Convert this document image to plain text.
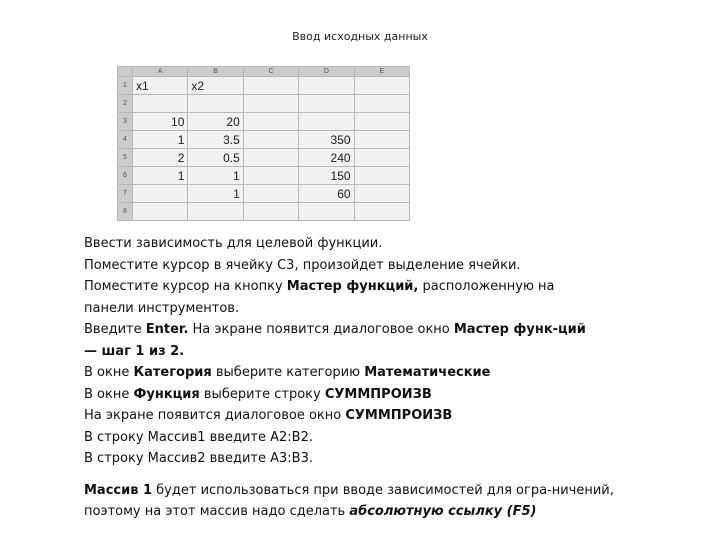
Ввод исходных данных
	A	B	C	D	E
1	x1	x2			
2					
3	10	20			
4	1	3.5		350	
5	2	0.5		240	
6	1	1		150	
7		1		60	
8					

Ввести зависимость для целевой функции.

Поместите курсор в ячейку С3, произойдет выделение ячейки.

Поместите курсор на кнопку Мастер функций, расположенную на

панели инструментов.

Введите Enter. На экране появится диалоговое окно Мастер функ-ций

— шаг 1 из 2.

В окне Категория выберите категорию Математические

В окне Функция выберите строку СУММПРОИЗВ

На экране появится диалоговое окно СУММПРОИЗВ

В строку Массив1 введите А2:В2.

В строку Массив2 введите А3:В3.

Массив 1 будет использоваться при вводе зависимостей для огра-ничений,

поэтому на этот массив надо сделать абсолютную ссылку (F5)
